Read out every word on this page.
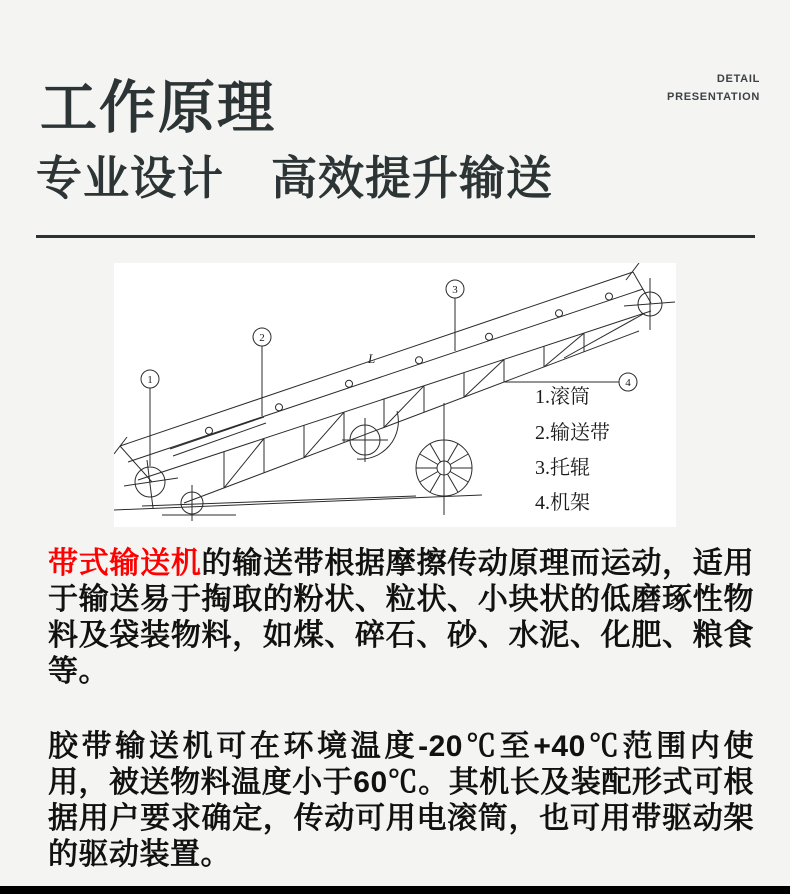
DETAIL
PRESENTATION
工作原理
专业设计　高效提升输送
L
1
2
3
4
1.滚筒
2.输送带
3.托辊
4.机架

带式输送机的输送带根据摩擦传动原理而运动，适用于输送易于掏取的粉状、粒状、小块状的低磨琢性物料及袋装物料，如煤、碎石、砂、水泥、化肥、粮食等。

胶带输送机可在环境温度-20℃至+40℃范围内使用，被送物料温度小于60℃。其机长及装配形式可根据用户要求确定，传动可用电滚筒，也可用带驱动架的驱动装置。
